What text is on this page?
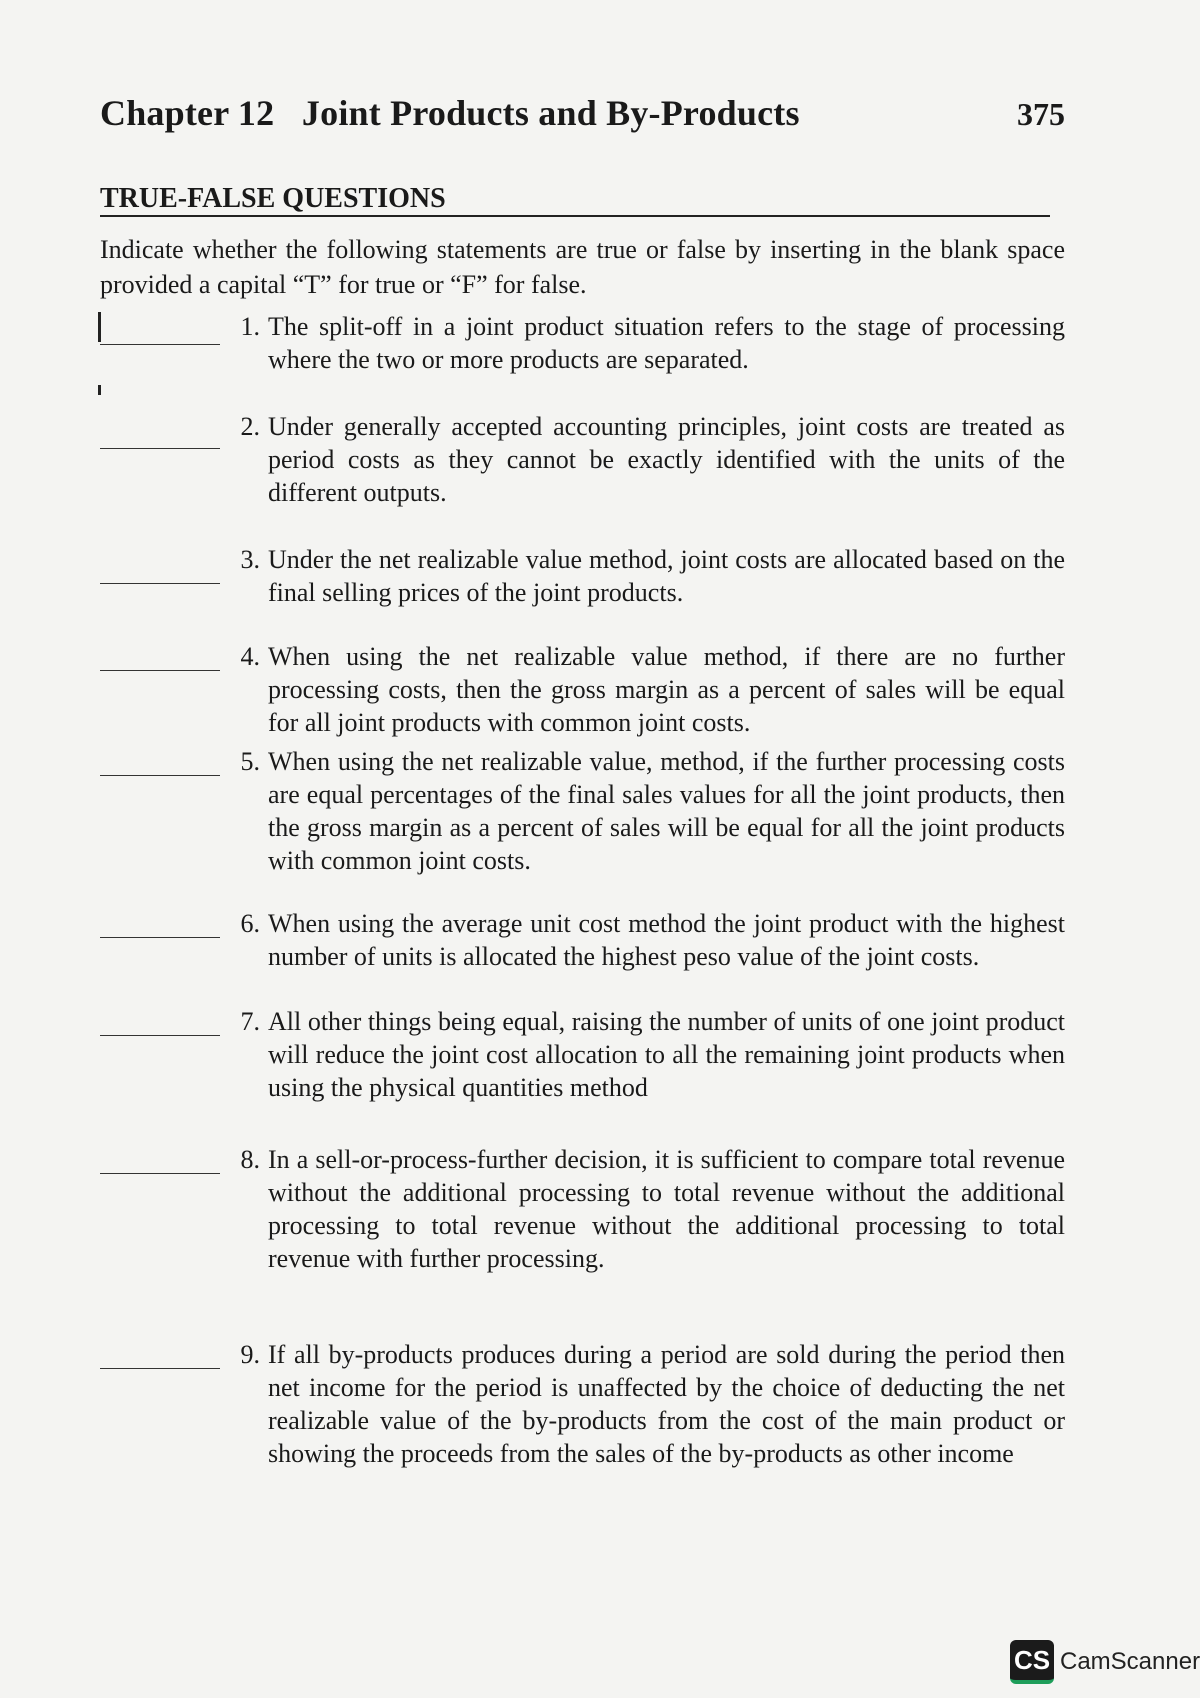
Chapter 12   Joint Products and By-Products	375
TRUE-FALSE QUESTIONS
Indicate whether the following statements are true or false by inserting in the blank space provided a capital “T” for true or “F” for false.
1. The split-off in a joint product situation refers to the stage of processing where the two or more products are separated.
2. Under generally accepted accounting principles, joint costs are treated as period costs as they cannot be exactly identified with the units of the different outputs.
3. Under the net realizable value method, joint costs are allocated based on the final selling prices of the joint products.
4. When using the net realizable value method, if there are no further processing costs, then the gross margin as a percent of sales will be equal for all joint products with common joint costs.
5. When using the net realizable value, method, if the further processing costs are equal percentages of the final sales values for all the joint products, then the gross margin as a percent of sales will be equal for all the joint products with common joint costs.
6. When using the average unit cost method the joint product with the highest number of units is allocated the highest peso value of the joint costs.
7. All other things being equal, raising the number of units of one joint product will reduce the joint cost allocation to all the remaining joint products when using the physical quantities method
8. In a sell-or-process-further decision, it is sufficient to compare total revenue without the additional processing to total revenue without the additional processing to total revenue without the additional processing to total revenue with further processing.
9. If all by-products produces during a period are sold during the period then net income for the period is unaffected by the choice of deducting the net realizable value of the by-products from the cost of the main product or showing the proceeds from the sales of the by-products as other income
CS CamScanner
